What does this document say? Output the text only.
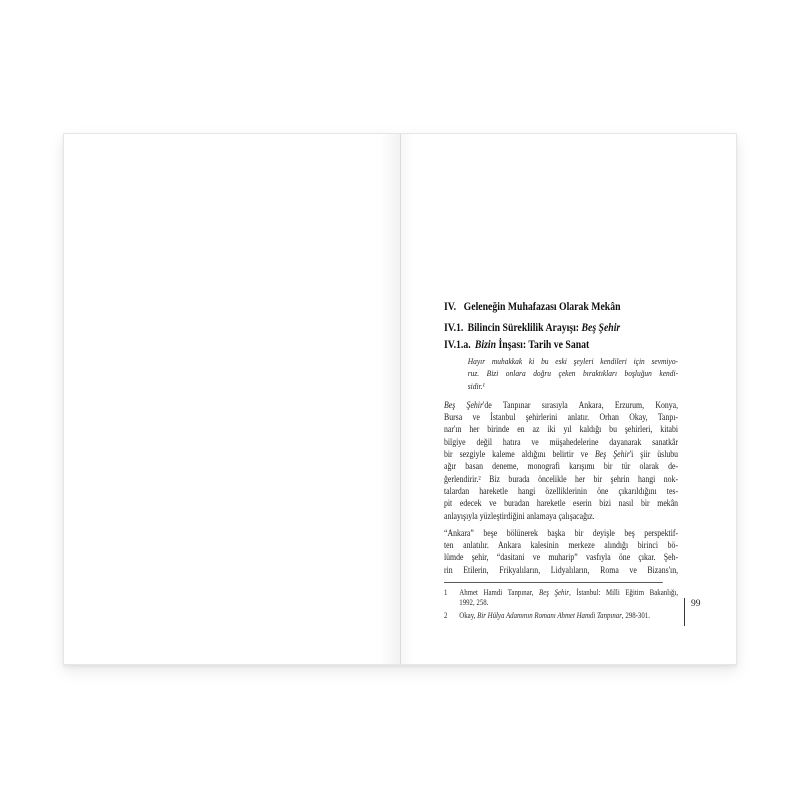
IV. Geleneğin Muhafazası Olarak Mekân
IV.1. Bilincin Süreklilik Arayışı: Beş Şehir
IV.1.a. Bizin İnşası: Tarih ve Sanat
Hayır muhakkak ki bu eski şeyleri kendileri için sevmiyo-
ruz. Bizi onlara doğru çeken bıraktıkları boşluğun kendi-
sidir.¹
Beş Şehir'de Tanpınar sırasıyla Ankara, Erzurum, Konya,
Bursa ve İstanbul şehirlerini anlatır. Orhan Okay, Tanpı-
nar'ın her birinde en az iki yıl kaldığı bu şehirleri, kitabi
bilgiye değil hatıra ve müşahedelerine dayanarak sanatkâr
bir sezgiyle kaleme aldığını belirtir ve Beş Şehir'i şiir üslubu
ağır basan deneme, monografi karışımı bir tür olarak de-
ğerlendirir.² Biz burada öncelikle her bir şehrin hangi nok-
talardan hareketle hangi özelliklerinin öne çıkarıldığını tes-
pit edecek ve buradan hareketle eserin bizi nasıl bir mekân
anlayışıyla yüzleştirdiğini anlamaya çalışacağız.
“Ankara” beşe bölünerek başka bir deyişle beş perspektif-
ten anlatılır. Ankara kalesinin merkeze alındığı birinci bö-
lümde şehir, “dasitani ve muharip” vasfıyla öne çıkar. Şeh-
rin Etilerin, Frikyalıların, Lidyalıların, Roma ve Bizans'ın,
1	Ahmet Hamdi Tanpınar, Beş Şehir, İstanbul: Milli Eğitim Bakanlığı,
1992, 258.
2	Okay, Bir Hülya Adamının Romanı Ahmet Hamdi Tanpınar, 298-301.
99
